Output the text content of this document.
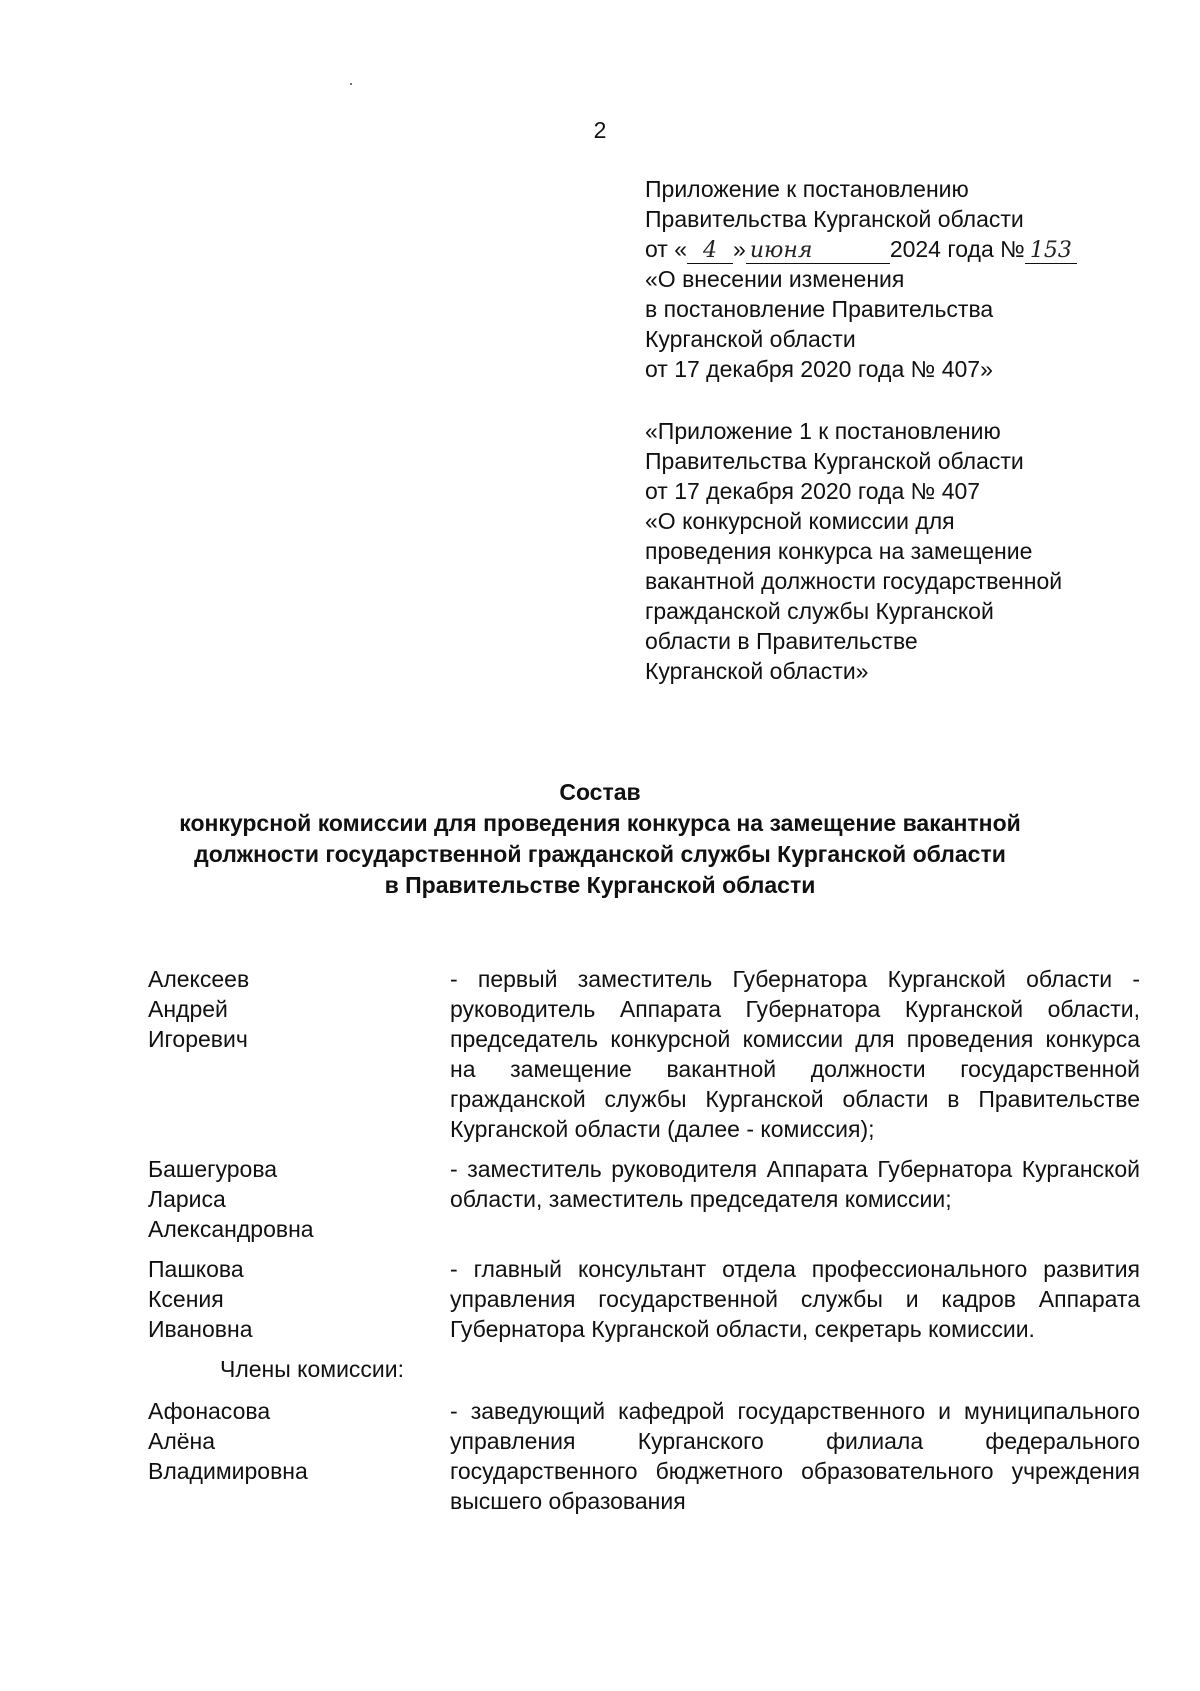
2
Приложение к постановлению
Правительства Курганской области
от « 4 » июня	2024 года № 153
«О внесении изменения
в постановление Правительства
Курганской области
от 17 декабря 2020 года № 407»
«Приложение 1 к постановлению
Правительства Курганской области
от 17 декабря 2020 года № 407
«О конкурсной комиссии для
проведения конкурса на замещение
вакантной должности государственной
гражданской службы Курганской
области в Правительстве
Курганской области»
Состав
конкурсной комиссии для проведения конкурса на замещение вакантной
должности государственной гражданской службы Курганской области
в Правительстве Курганской области
Алексеев
Андрей
Игоревич
- первый заместитель Губернатора Курганской области - руководитель Аппарата Губернатора Курганской области, председатель конкурсной комиссии для проведения конкурса на замещение вакантной должности государственной гражданской службы Курганской области в Правительстве Курганской области (далее - комиссия);
Башегурова
Лариса
Александровна
- заместитель руководителя Аппарата Губернатора Курганской области, заместитель председателя комиссии;
Пашкова
Ксения
Ивановна
- главный консультант отдела профессионального развития управления государственной службы и кадров Аппарата Губернатора Курганской области, секретарь комиссии.
Члены комиссии:
Афонасова
Алёна
Владимировна
- заведующий кафедрой государственного и муниципального управления Курганского филиала федерального государственного бюджетного образовательного учреждения высшего образования
